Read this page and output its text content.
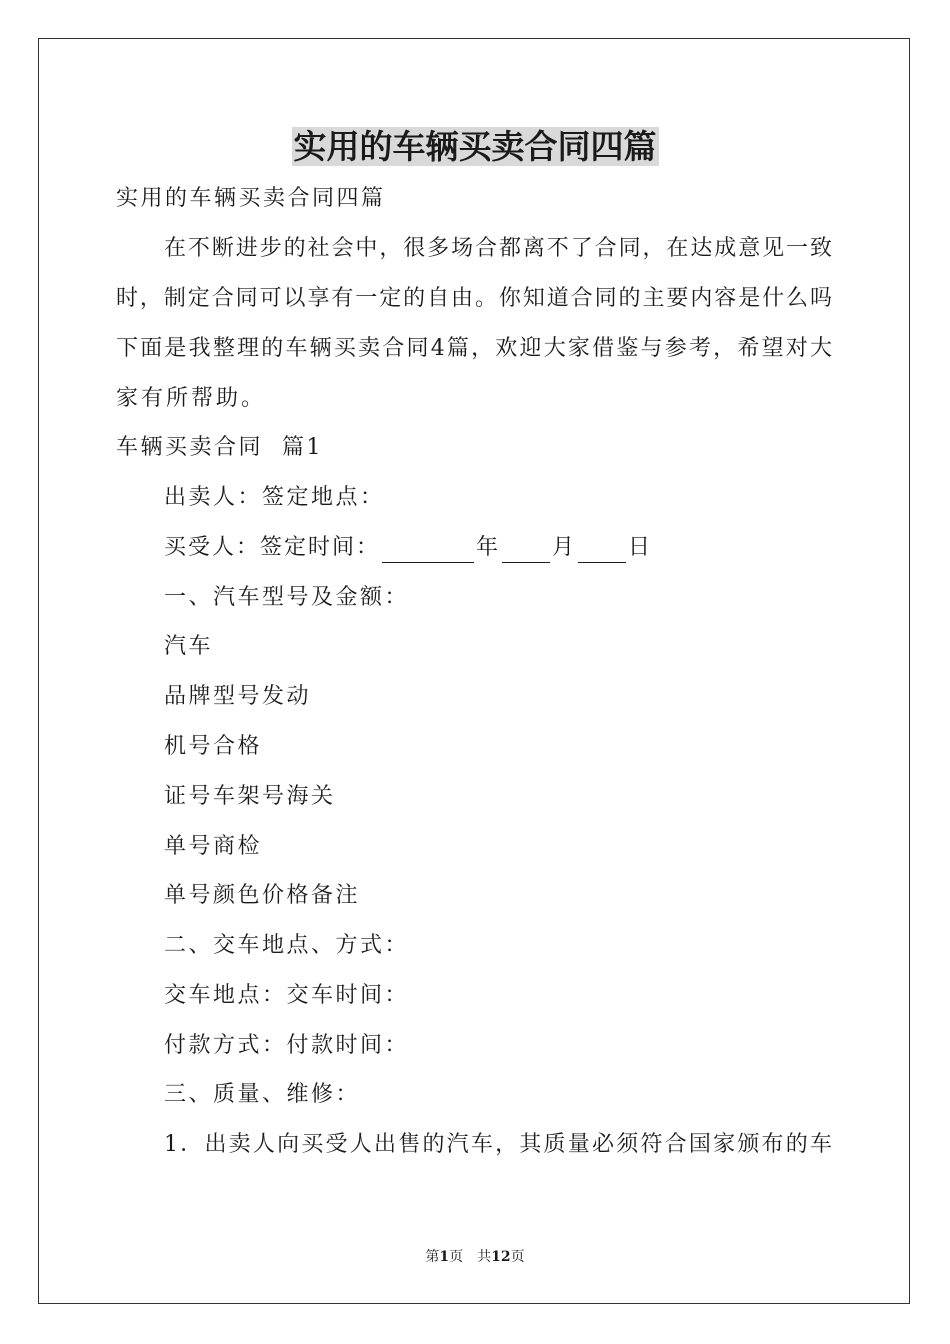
实用的车辆买卖合同四篇
实用的车辆买卖合同四篇
在不断进步的社会中，很多场合都离不了合同，在达成意见一致
时，制定合同可以享有一定的自由。你知道合同的主要内容是什么吗
下面是我整理的车辆买卖合同4篇，欢迎大家借鉴与参考，希望对大
家有所帮助。
车辆买卖合同  篇1
出卖人：签定地点：
买受人：签定时间：	年 月 日
一、汽车型号及金额：
汽车
品牌型号发动
机号合格
证号车架号海关
单号商检
单号颜色价格备注
二、交车地点、方式：
交车地点：交车时间：
付款方式：付款时间：
三、质量、维修：
1．出卖人向买受人出售的汽车，其质量必须符合国家颁布的车
第1页 共12页
